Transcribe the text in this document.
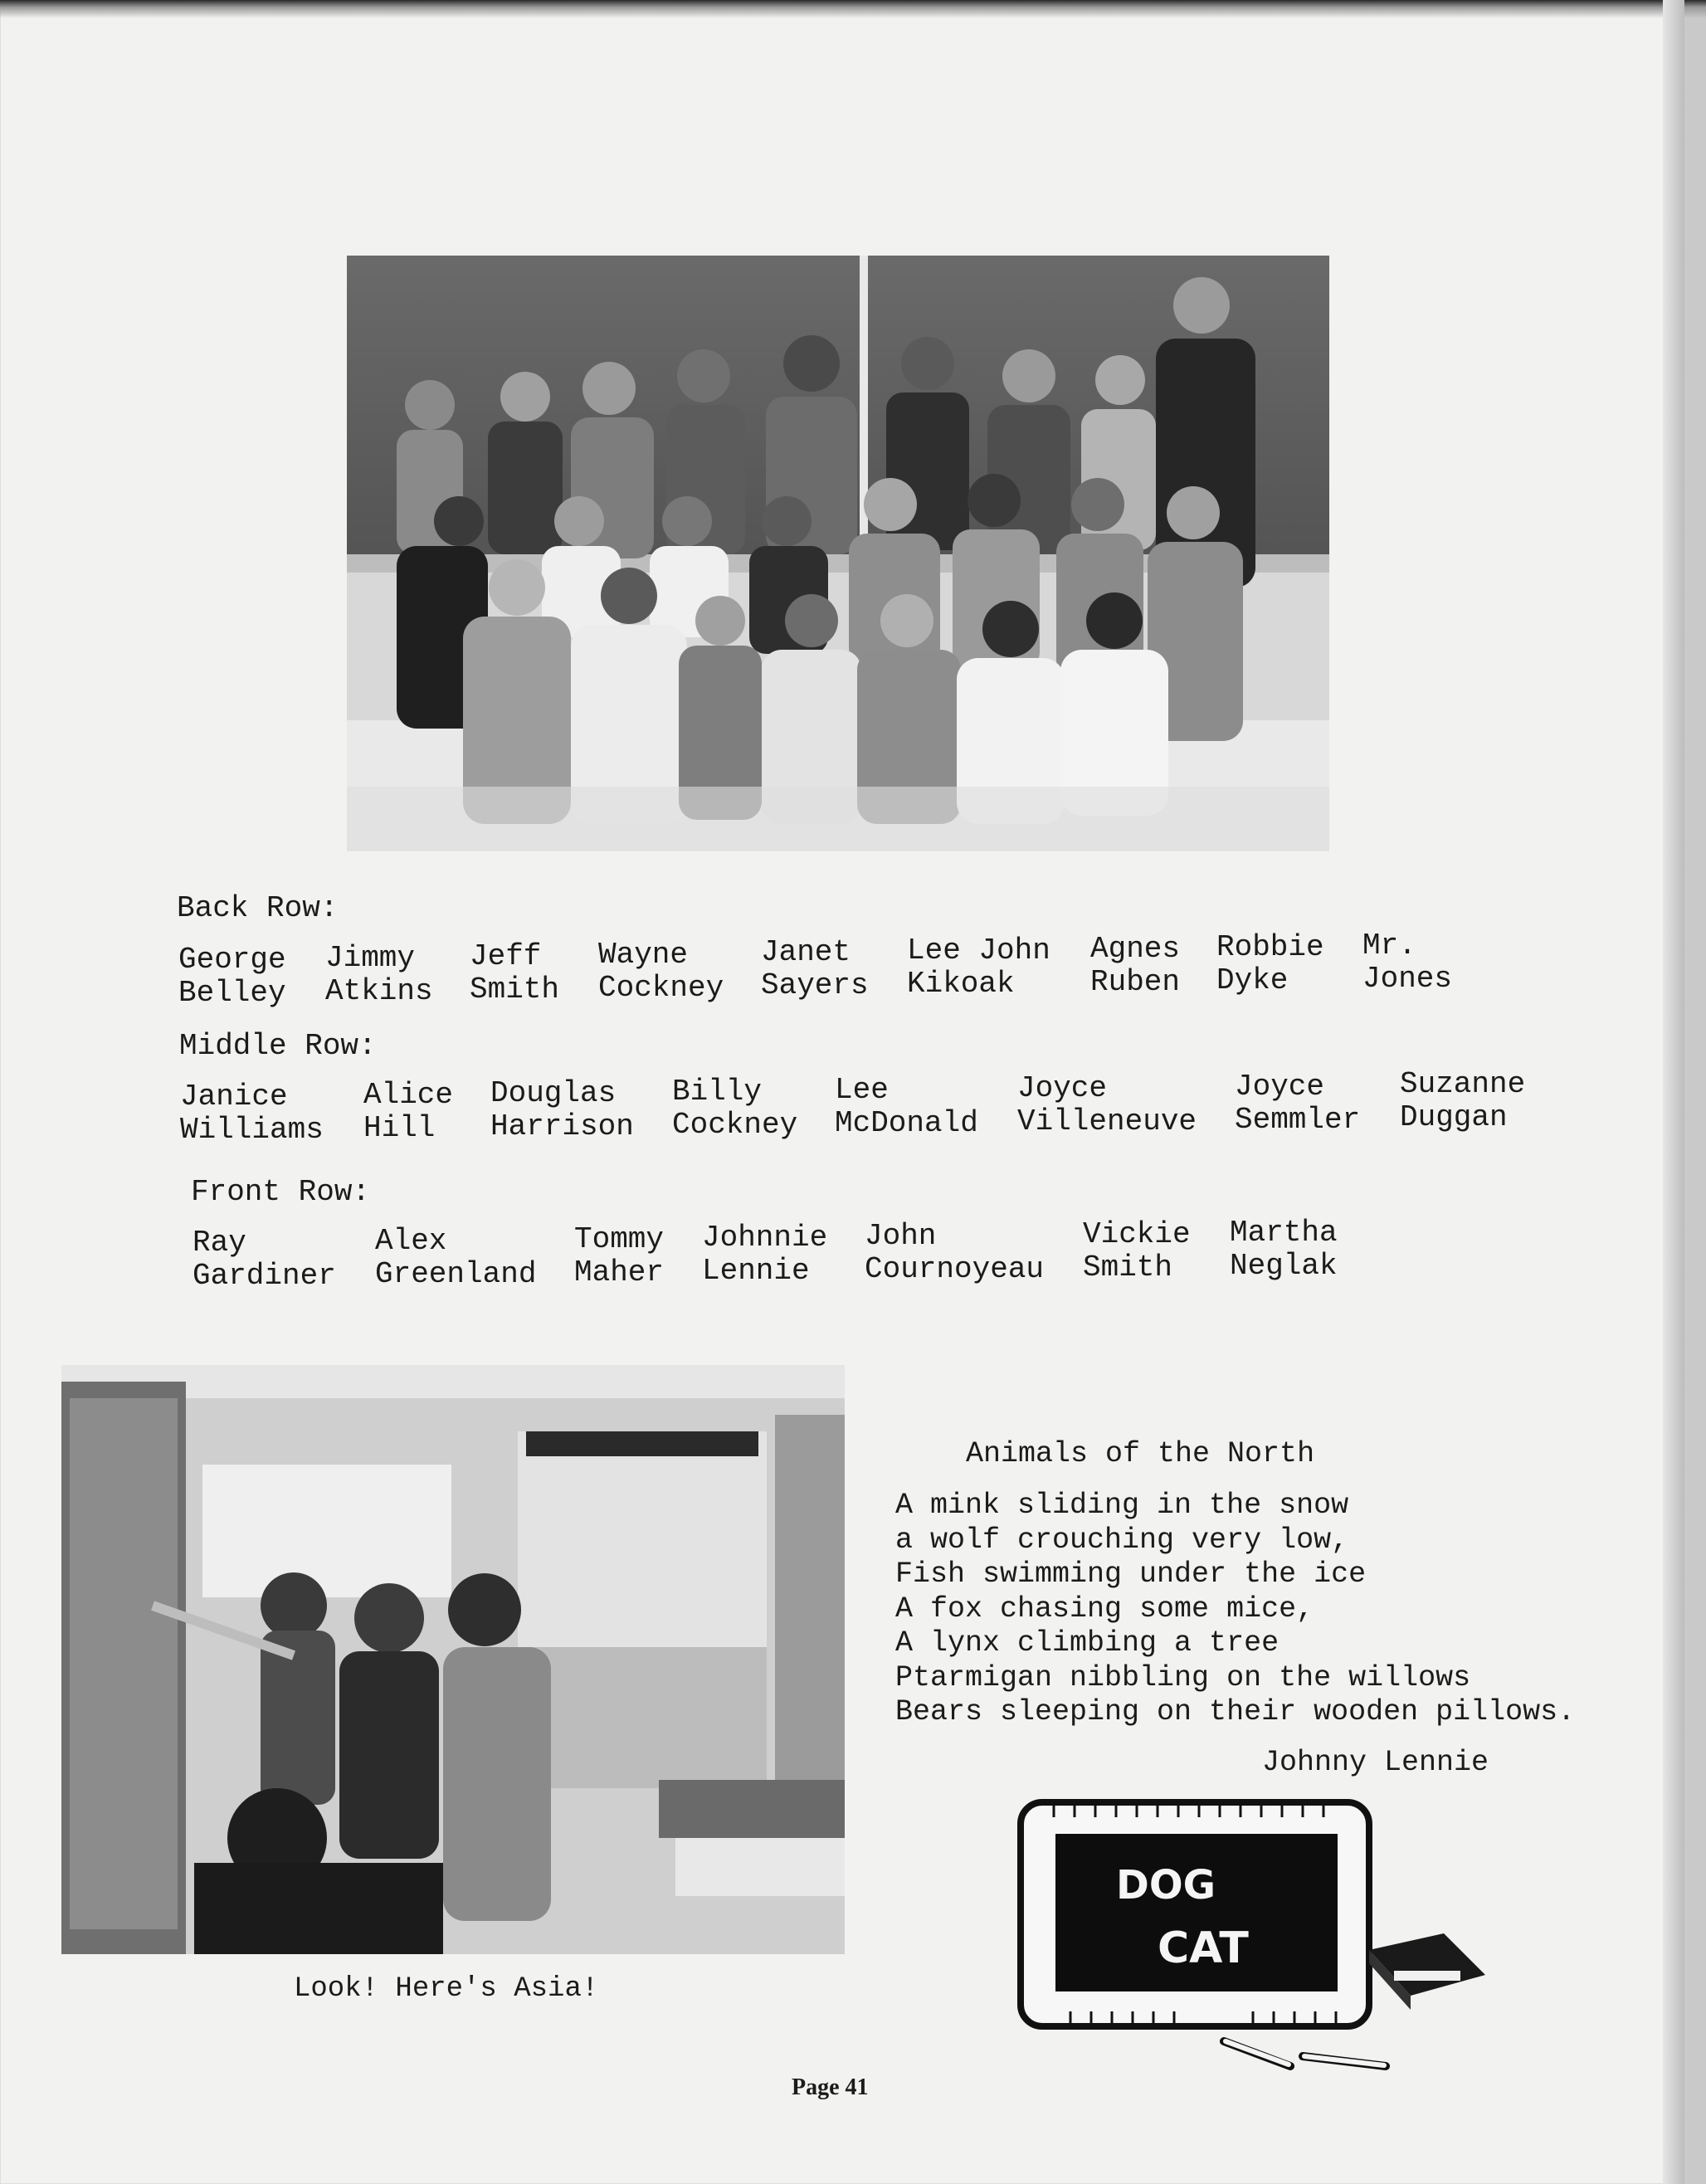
Back Row:
George
Belley
Jimmy
Atkins
Jeff
Smith
Wayne
Cockney
Janet
Sayers
Lee John
Kikoak
Agnes
Ruben
Robbie
Dyke
Mr.
Jones
Middle Row:
Janice
Williams
Alice
Hill
Douglas
Harrison
Billy
Cockney
Lee
McDonald
Joyce
Villeneuve
Joyce
Semmler
Suzanne
Duggan
Front Row:
Ray
Gardiner
Alex
Greenland
Tommy
Maher
Johnnie
Lennie
John
Cournoyeau
Vickie
Smith
Martha
Neglak
Look! Here's Asia!
Animals of the North
A mink sliding in the snow
a wolf crouching very low,
Fish swimming under the ice
A fox chasing some mice,
A lynx climbing a tree
Ptarmigan nibbling on the willows
Bears sleeping on their wooden pillows.
Johnny Lennie
DOG
CAT
Page 41
